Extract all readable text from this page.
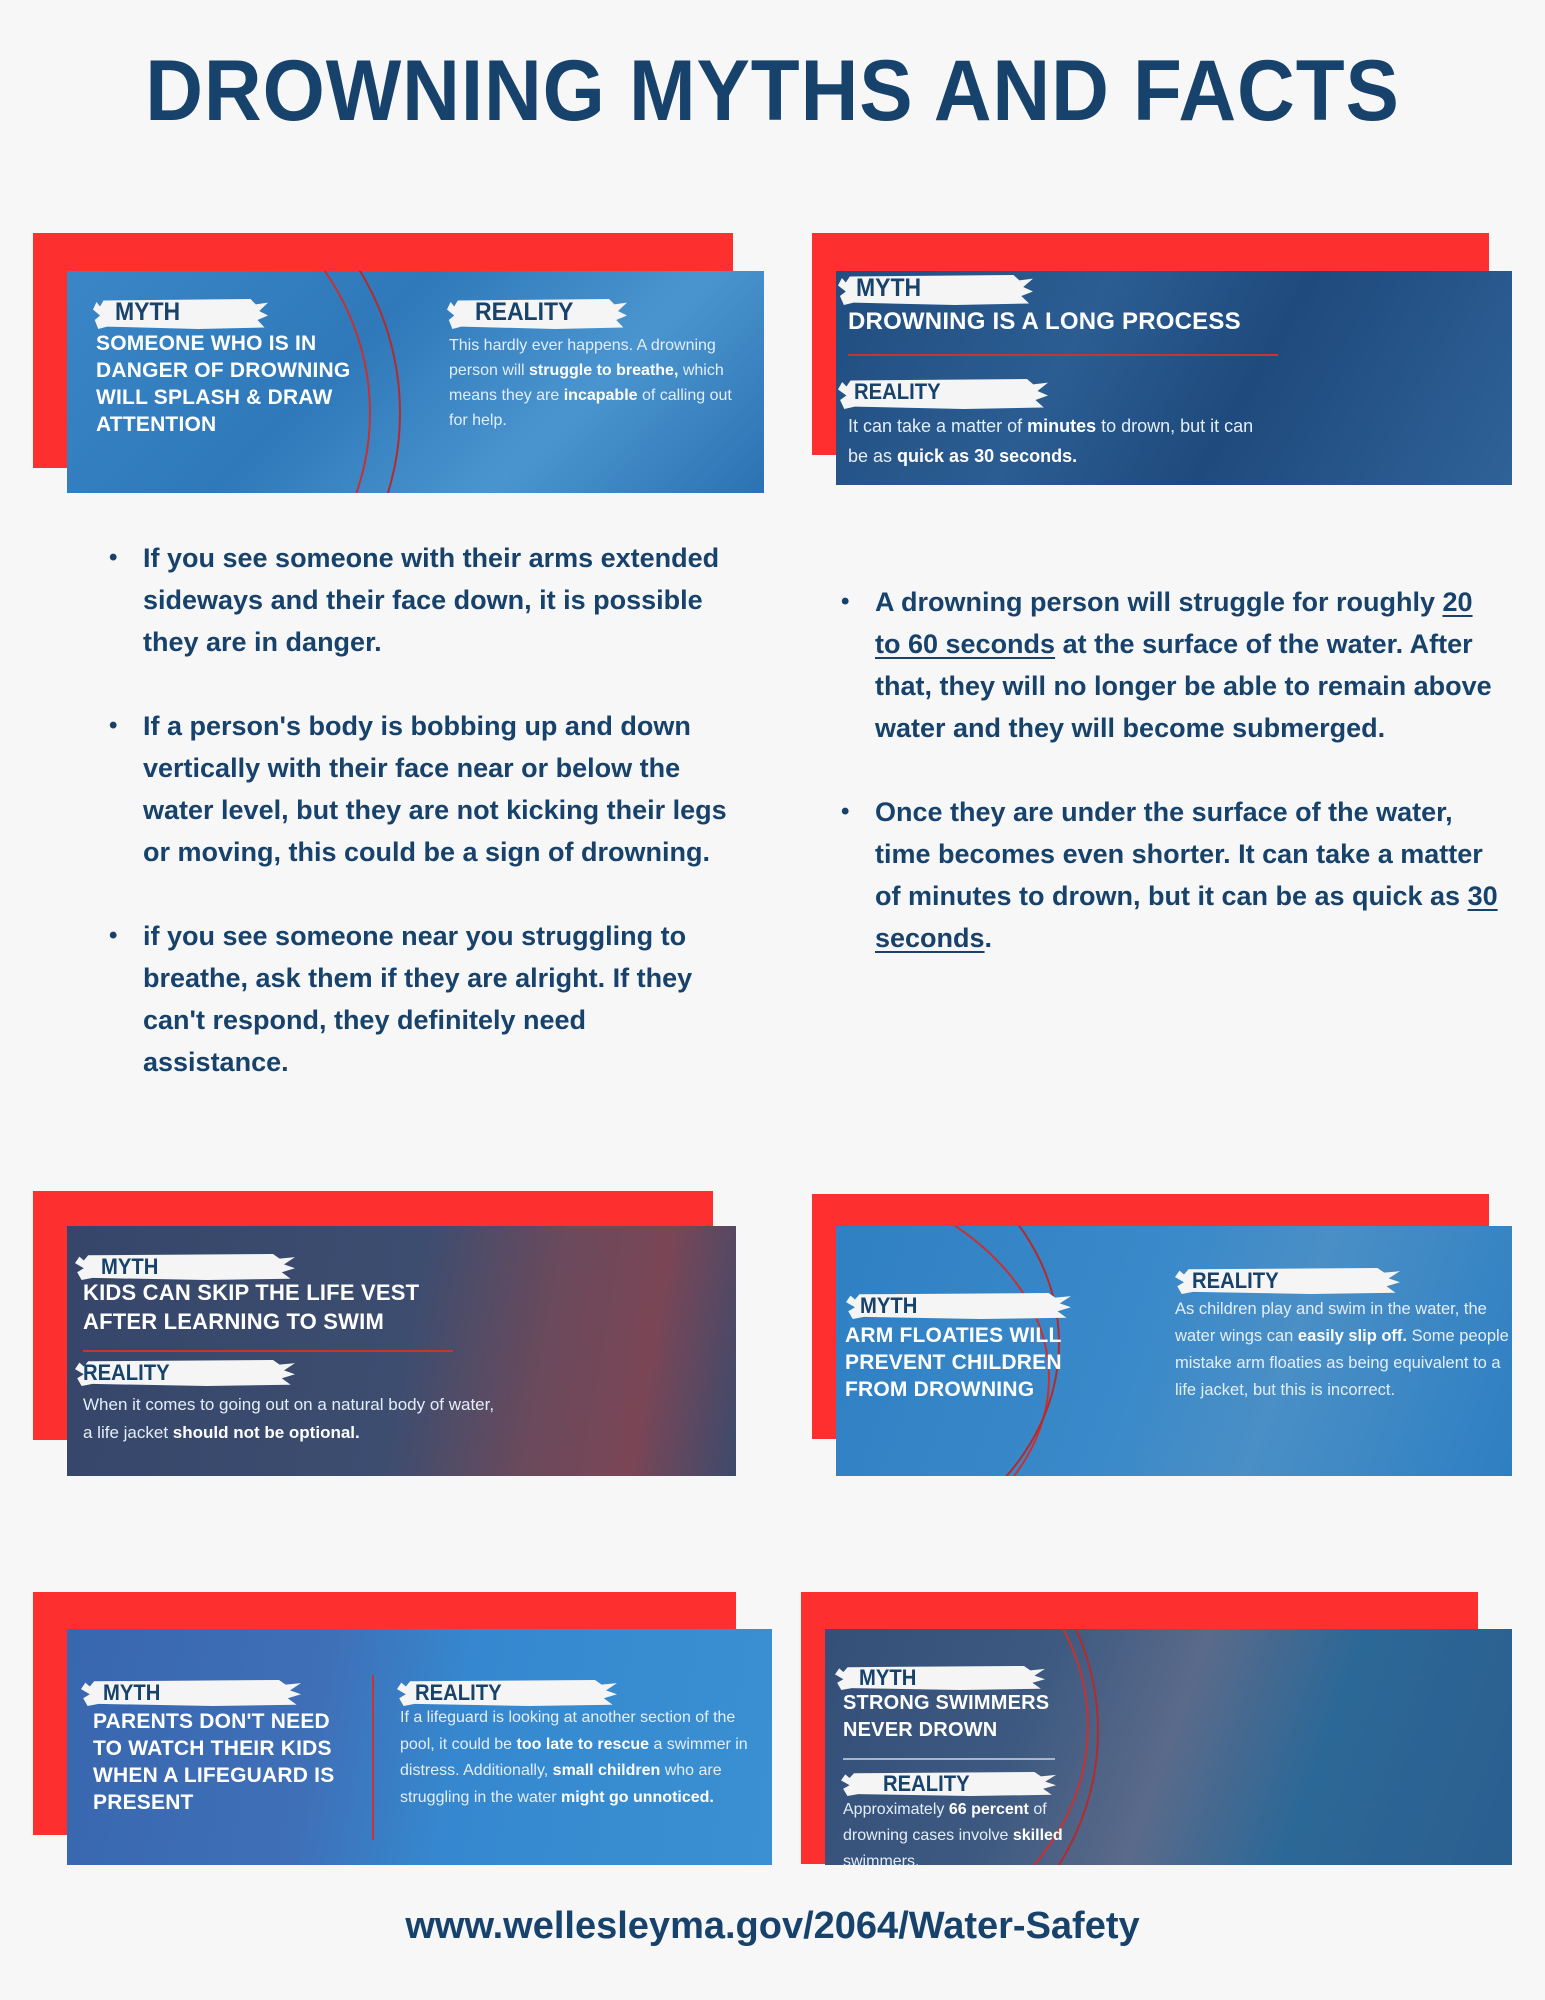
DROWNING MYTHS AND FACTS
MYTH
SOMEONE WHO IS IN DANGER OF DROWNING WILL SPLASH & DRAW ATTENTION
REALITY
This hardly ever happens. A drowning person will struggle to breathe, which means they are incapable of calling out for help.
MYTH
DROWNING IS A LONG PROCESS
REALITY
It can take a matter of minutes to drown, but it can be as quick as 30 seconds.
• If you see someone with their arms extended sideways and their face down, it is possible they are in danger.
• If a person's body is bobbing up and down vertically with their face near or below the water level, but they are not kicking their legs or moving, this could be a sign of drowning.
• if you see someone near you struggling to breathe, ask them if they are alright. If they can't respond, they definitely need assistance.
• A drowning person will struggle for roughly 20 to 60 seconds at the surface of the water. After that, they will no longer be able to remain above water and they will become submerged.
• Once they are under the surface of the water, time becomes even shorter. It can take a matter of minutes to drown, but it can be as quick as 30 seconds.
MYTH
KIDS CAN SKIP THE LIFE VEST AFTER LEARNING TO SWIM
REALITY
When it comes to going out on a natural body of water, a life jacket should not be optional.
MYTH
ARM FLOATIES WILL PREVENT CHILDREN FROM DROWNING
REALITY
As children play and swim in the water, the water wings can easily slip off. Some people mistake arm floaties as being equivalent to a life jacket, but this is incorrect.
MYTH
PARENTS DON'T NEED TO WATCH THEIR KIDS WHEN A LIFEGUARD IS PRESENT
REALITY
If a lifeguard is looking at another section of the pool, it could be too late to rescue a swimmer in distress. Additionally, small children who are struggling in the water might go unnoticed.
MYTH
STRONG SWIMMERS NEVER DROWN
REALITY
Approximately 66 percent of drowning cases involve skilled swimmers.
www.wellesleyma.gov/2064/Water-Safety
